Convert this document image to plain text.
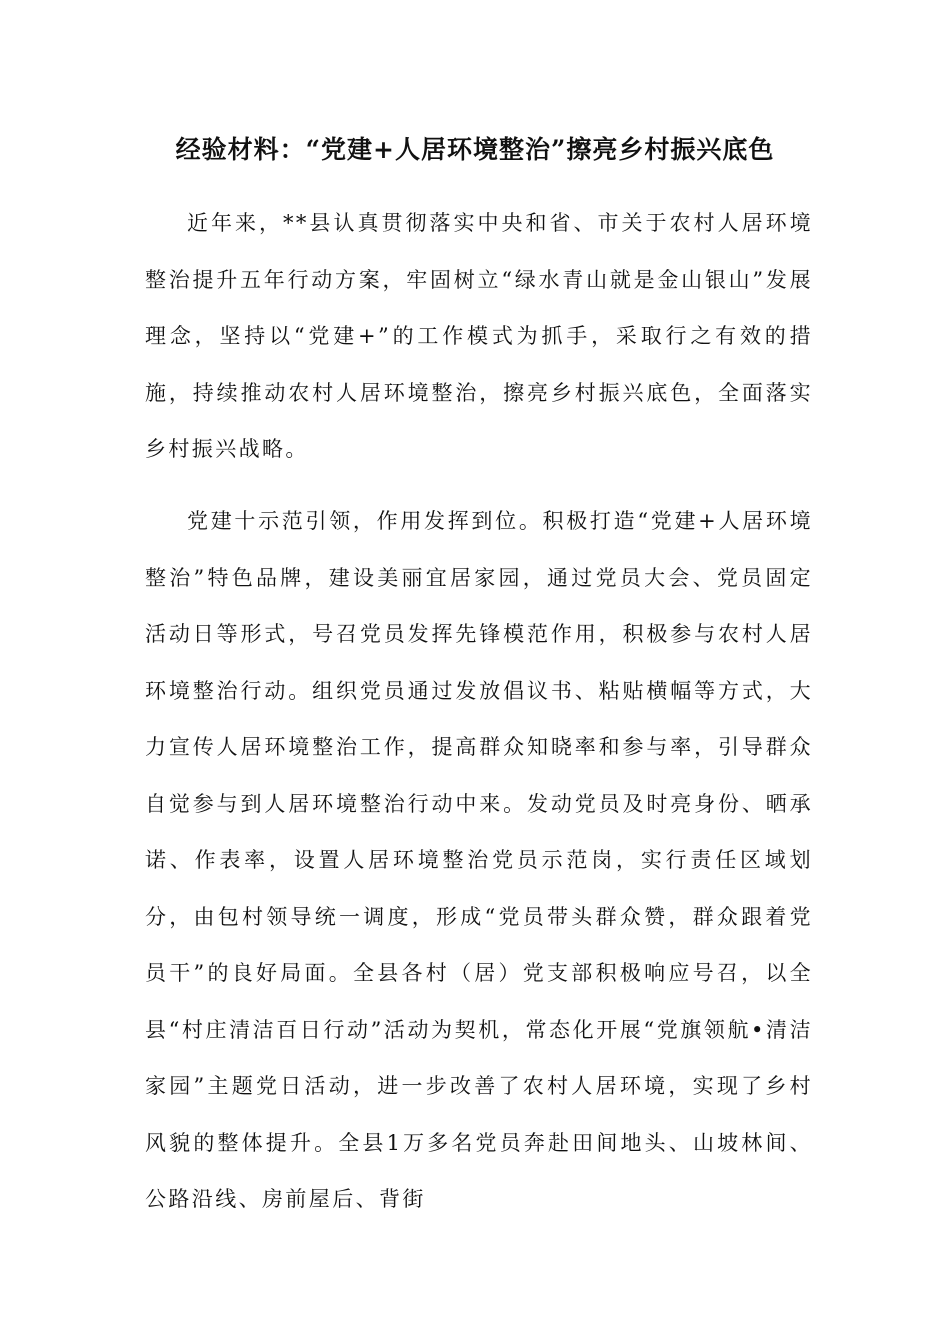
经验材料：“党建+人居环境整治”擦亮乡村振兴底色

近年来，**县认真贯彻落实中央和省、市关于农村人居环境整治提升五年行动方案，牢固树立“绿水青山就是金山银山”发展理念，坚持以“党建+”的工作模式为抓手，采取行之有效的措施，持续推动农村人居环境整治，擦亮乡村振兴底色，全面落实乡村振兴战略。

党建十示范引领，作用发挥到位。积极打造“党建+人居环境整治”特色品牌，建设美丽宜居家园，通过党员大会、党员固定活动日等形式，号召党员发挥先锋模范作用，积极参与农村人居环境整治行动。组织党员通过发放倡议书、粘贴横幅等方式，大力宣传人居环境整治工作，提高群众知晓率和参与率，引导群众自觉参与到人居环境整治行动中来。发动党员及时亮身份、晒承诺、作表率，设置人居环境整治党员示范岗，实行责任区域划分，由包村领导统一调度，形成“党员带头群众赞，群众跟着党员干”的良好局面。全县各村（居）党支部积极响应号召，以全县“村庄清洁百日行动”活动为契机，常态化开展“党旗领航•清洁家园”主题党日活动，进一步改善了农村人居环境，实现了乡村风貌的整体提升。全县1万多名党员奔赴田间地头、山坡林间、公路沿线、房前屋后、背街
